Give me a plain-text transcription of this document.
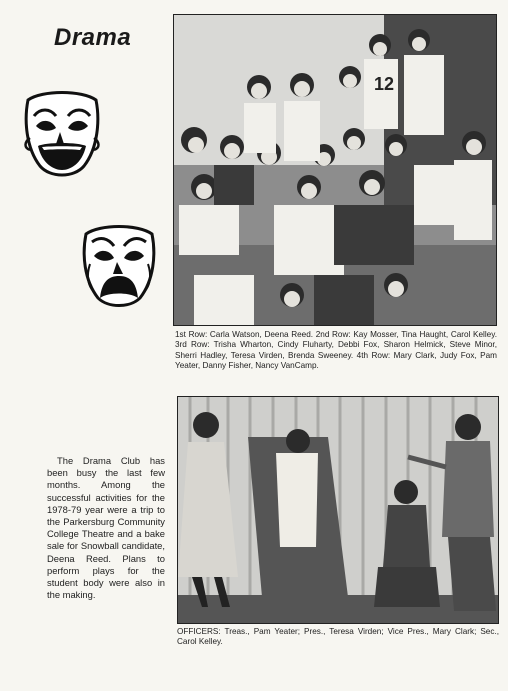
Drama
12
1st Row: Carla Watson, Deena Reed. 2nd Row: Kay Mosser, Tina Haught, Carol Kelley. 3rd Row: Trisha Wharton, Cindy Fluharty, Debbi Fox, Sharon Helmick, Steve Minor, Sherri Hadley, Teresa Virden, Brenda Sweeney. 4th Row: Mary Clark, Judy Fox, Pam Yeater, Danny Fisher, Nancy VanCamp.
The Drama Club has been busy the last few months. Among the successful activities for the 1978-79 year were a trip to the Parkersburg Community College Theatre and a bake sale for Snowball candidate, Deena Reed. Plans to perform plays for the student body were also in the making.
OFFICERS: Treas., Pam Yeater; Pres., Teresa Virden; Vice Pres., Mary Clark; Sec., Carol Kelley.
